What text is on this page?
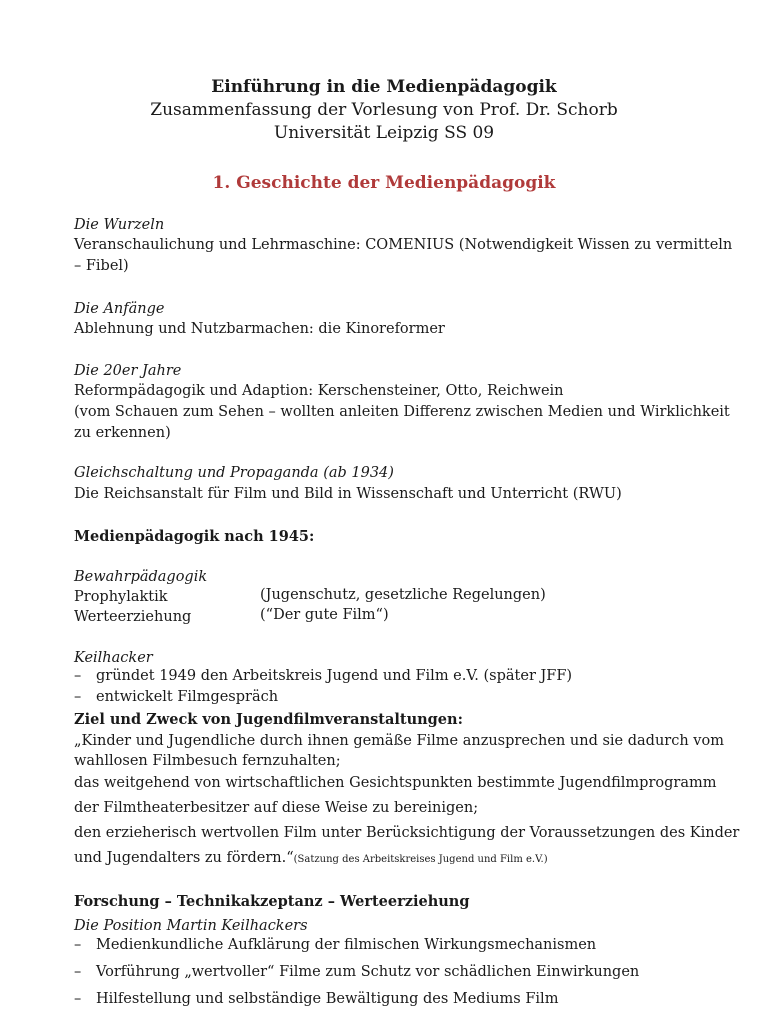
Einführung in die Medienpädagogik
Zusammenfassung der Vorlesung von Prof. Dr. Schorb
Universität Leipzig SS 09
1. Geschichte der Medienpädagogik
Die Wurzeln
Veranschaulichung und Lehrmaschine: COMENIUS (Notwendigkeit Wissen zu vermitteln
– Fibel)
Die Anfänge
Ablehnung und Nutzbarmachen: die Kinoreformer
Die 20er Jahre
Reformpädagogik und Adaption: Kerschensteiner, Otto, Reichwein
(vom Schauen zum Sehen – wollten anleiten Differenz zwischen Medien und Wirklichkeit
zu erkennen)
Gleichschaltung und Propaganda (ab 1934)
Die Reichsanstalt für Film und Bild in Wissenschaft und Unterricht (RWU)
Medienpädagogik nach 1945:
Bewahrpädagogik
Prophylaktik	(Jugenschutz, gesetzliche Regelungen)
Werteerziehung	(“Der gute Film“)
Keilhacker
– gründet 1949 den Arbeitskreis Jugend und Film e.V. (später JFF)
– entwickelt Filmgespräch
Ziel und Zweck von Jugendfilmveranstaltungen:
„Kinder und Jugendliche durch ihnen gemäße Filme anzusprechen und sie dadurch vom
wahllosen Filmbesuch fernzuhalten;
das weitgehend von wirtschaftlichen Gesichtspunkten bestimmte Jugendfilmprogramm
der Filmtheaterbesitzer auf diese Weise zu bereinigen;
den erzieherisch wertvollen Film unter Berücksichtigung der Voraussetzungen des Kinder
und Jugendalters zu fördern.“(Satzung des Arbeitskreises Jugend und Film e.V.)
Forschung – Technikakzeptanz – Werteerziehung
Die Position Martin Keilhackers
– Medienkundliche Aufklärung der filmischen Wirkungsmechanismen
– Vorführung „wertvoller“ Filme zum Schutz vor schädlichen Einwirkungen
– Hilfestellung und selbständige Bewältigung des Mediums Film
